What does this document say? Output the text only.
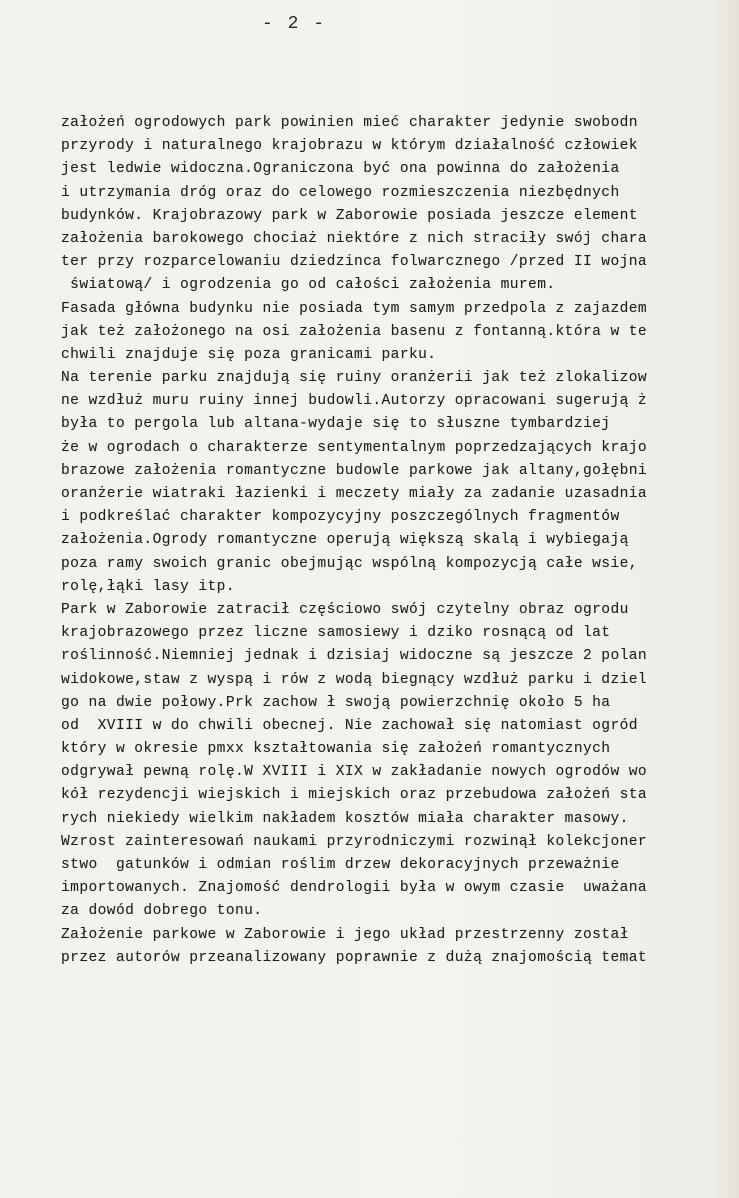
- 2 -
założeń ogrodowych park powinien mieć charakter jedynie swobodn
przyrody i naturalnego krajobrazu w którym działalność człowiek
jest ledwie widoczna.Ograniczona być ona powinna do założenia
i utrzymania dróg oraz do celowego rozmieszczenia niezbędnych
budynków. Krajobrazowy park w Zaborowie posiada jeszcze element
założenia barokowego chociaż niektóre z nich straciły swój chara
ter przy rozparcelowaniu dziedzinca folwarcznego /przed II wojna
światową/ i ogrodzenia go od całości założenia murem.
Fasada główna budynku nie posiada tym samym przedpola z zajazdem
jak też założonego na osi założenia basenu z fontanną.która w te
chwili znajduje się poza granicami parku.
Na terenie parku znajdują się ruiny oranżerii jak też zlokalizow
ne wzdłuż muru ruiny innej budowli.Autorzy opracowani sugerują ż
była to pergola lub altana-wydaje się to słuszne tymbardziej
że w ogrodach o charakterze sentymentalnym poprzedzających krajo
brazowe założenia romantyczne budowle parkowe jak altany,gołębni
oranżerie wiatraki łazienki i meczety miały za zadanie uzasadnia
i podkreślać charakter kompozycyjny poszczególnych fragmentów
założenia.Ogrody romantyczne operują większą skalą i wybiegają
poza ramy swoich granic obejmując wspólną kompozycją całe wsie,
rolę,łąki lasy itp.
Park w Zaborowie zatracił częściowo swój czytelny obraz ogrodu
krajobrazowego przez liczne samosiewy i dziko rosnącą od lat
roślinność.Niemniej jednak i dzisiaj widoczne są jeszcze 2 polan
widokowe,staw z wyspą i rów z wodą biegnący wzdłuż parku i dziel
go na dwie połowy.Prk zachow ł swoją powierzchnię około 5 ha
od  XVIII w do chwili obecnej. Nie zachował się natomiast ogród
który w okresie pmxx kształtowania się założeń romantycznych
odgrywał pewną rolę.W XVIII i XIX w zakładanie nowych ogrodów wo
kół rezydencji wiejskich i miejskich oraz przebudowa założeń sta
rych niekiedy wielkim nakładem kosztów miała charakter masowy.
Wzrost zainteresowań naukami przyrodniczymi rozwinął kolekcjoner
stwo  gatunków i odmian roślim drzew dekoracyjnych przeważnie
importowanych. Znajomość dendrologii była w owym czasie  uważana
za dowód dobrego tonu.
Założenie parkowe w Zaborowie i jego układ przestrzenny został
przez autorów przeanalizowany poprawnie z dużą znajomością temat
